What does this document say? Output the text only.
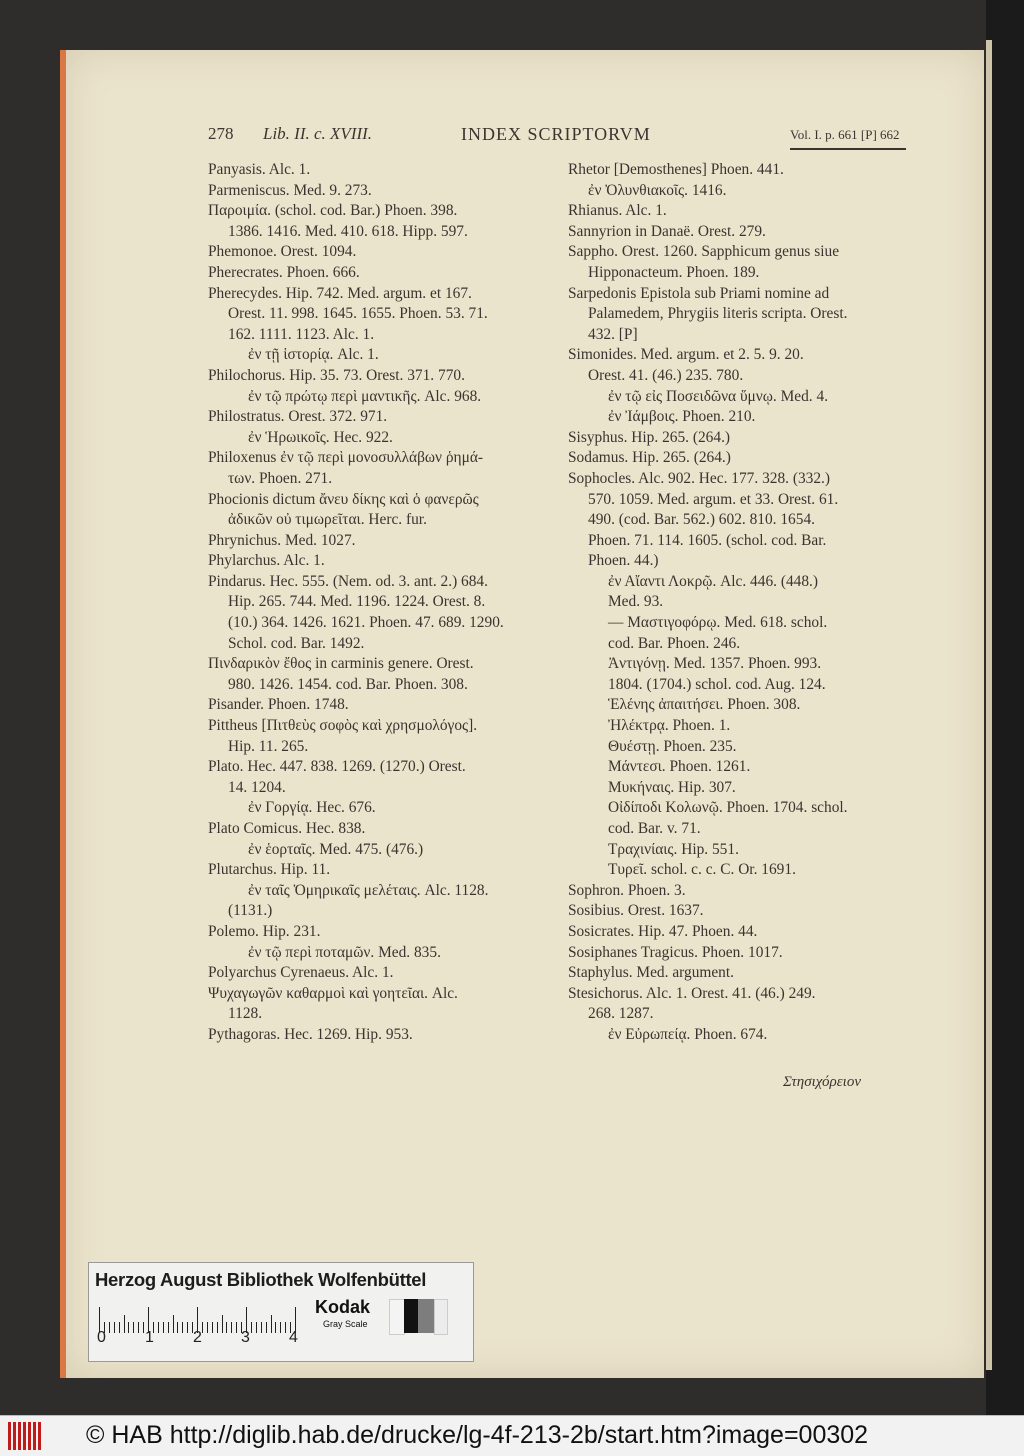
278 Lib. II. c. XVIII.	INDEX SCRIPTORVM	Vol. I. p. 661 [P] 662
Panyasis. Alc. 1.
Parmeniscus. Med. 9. 273.
Παροιμία. (schol. cod. Bar.) Phoen. 398.
1386. 1416. Med. 410. 618. Hipp. 597.
Phemonoe. Orest. 1094.
Pherecrates. Phoen. 666.
Pherecydes. Hip. 742. Med. argum. et 167.
Orest. 11. 998. 1645. 1655. Phoen. 53. 71.
162. 1111. 1123. Alc. 1.
ἐν τῇ ἱστορίᾳ. Alc. 1.
Philochorus. Hip. 35. 73. Orest. 371. 770.
ἐν τῷ πρώτῳ περὶ μαντικῆς. Alc. 968.
Philostratus. Orest. 372. 971.
ἐν Ἡρωικοῖς. Hec. 922.
Philoxenus ἐν τῷ περὶ μονοσυλλάβων ῥημά-
των. Phoen. 271.
Phocionis dictum ἄνευ δίκης καὶ ὁ φανερῶς
ἀδικῶν οὐ τιμωρεῖται. Herc. fur.
Phrynichus. Med. 1027.
Phylarchus. Alc. 1.
Pindarus. Hec. 555. (Nem. od. 3. ant. 2.) 684.
Hip. 265. 744. Med. 1196. 1224. Orest. 8.
(10.) 364. 1426. 1621. Phoen. 47. 689. 1290.
Schol. cod. Bar. 1492.
Πινδαρικὸν ἔθος in carminis genere. Orest.
980. 1426. 1454. cod. Bar. Phoen. 308.
Pisander. Phoen. 1748.
Pittheus [Πιτθεὺς σοφὸς καὶ χρησμολόγος].
Hip. 11. 265.
Plato. Hec. 447. 838. 1269. (1270.) Orest.
14. 1204.
ἐν Γοργίᾳ. Hec. 676.
Plato Comicus. Hec. 838.
ἐν ἑορταῖς. Med. 475. (476.)
Plutarchus. Hip. 11.
ἐν ταῖς Ὁμηρικαῖς μελέταις. Alc. 1128.
(1131.)
Polemo. Hip. 231.
ἐν τῷ περὶ ποταμῶν. Med. 835.
Polyarchus Cyrenaeus. Alc. 1.
Ψυχαγωγῶν καθαρμοὶ καὶ γοητεῖαι. Alc.
1128.
Pythagoras. Hec. 1269. Hip. 953.
Rhetor [Demosthenes] Phoen. 441.
ἐν Ὀλυνθιακοῖς. 1416.
Rhianus. Alc. 1.
Sannyrion in Danaë. Orest. 279.
Sappho. Orest. 1260. Sapphicum genus siue
Hipponacteum. Phoen. 189.
Sarpedonis Epistola sub Priami nomine ad
Palamedem, Phrygiis literis scripta. Orest.
432. [P]
Simonides. Med. argum. et 2. 5. 9. 20.
Orest. 41. (46.) 235. 780.
ἐν τῷ εἰς Ποσειδῶνα ὕμνῳ. Med. 4.
ἐν Ἰάμβοις. Phoen. 210.
Sisyphus. Hip. 265. (264.)
Sodamus. Hip. 265. (264.)
Sophocles. Alc. 902. Hec. 177. 328. (332.)
570. 1059. Med. argum. et 33. Orest. 61.
490. (cod. Bar. 562.) 602. 810. 1654.
Phoen. 71. 114. 1605. (schol. cod. Bar.
Phoen. 44.)
ἐν Αἴαντι Λοκρῷ. Alc. 446. (448.)
Med. 93.
— Μαστιγοφόρῳ. Med. 618. schol.
cod. Bar. Phoen. 246.
Ἀντιγόνῃ. Med. 1357. Phoen. 993.
1804. (1704.) schol. cod. Aug. 124.
Ἑλένης ἀπαιτήσει. Phoen. 308.
Ἠλέκτρᾳ. Phoen. 1.
Θυέστῃ. Phoen. 235.
Μάντεσι. Phoen. 1261.
Μυκήναις. Hip. 307.
Οἰδίποδι Κολωνῷ. Phoen. 1704. schol.
cod. Bar. v. 71.
Τραχινίαις. Hip. 551.
Τυρεῖ. schol. c. c. C. Or. 1691.
Sophron. Phoen. 3.
Sosibius. Orest. 1637.
Sosicrates. Hip. 47. Phoen. 44.
Sosiphanes Tragicus. Phoen. 1017.
Staphylus. Med. argument.
Stesichorus. Alc. 1. Orest. 41. (46.) 249.
268. 1287.
ἐν Εὐρωπείᾳ. Phoen. 674.
Στησιχόρειον
Herzog August Bibliothek Wolfenbüttel
0 1 2 3 4
Kodak
Gray Scale
© HAB http://diglib.hab.de/drucke/lg-4f-213-2b/start.htm?image=00302
